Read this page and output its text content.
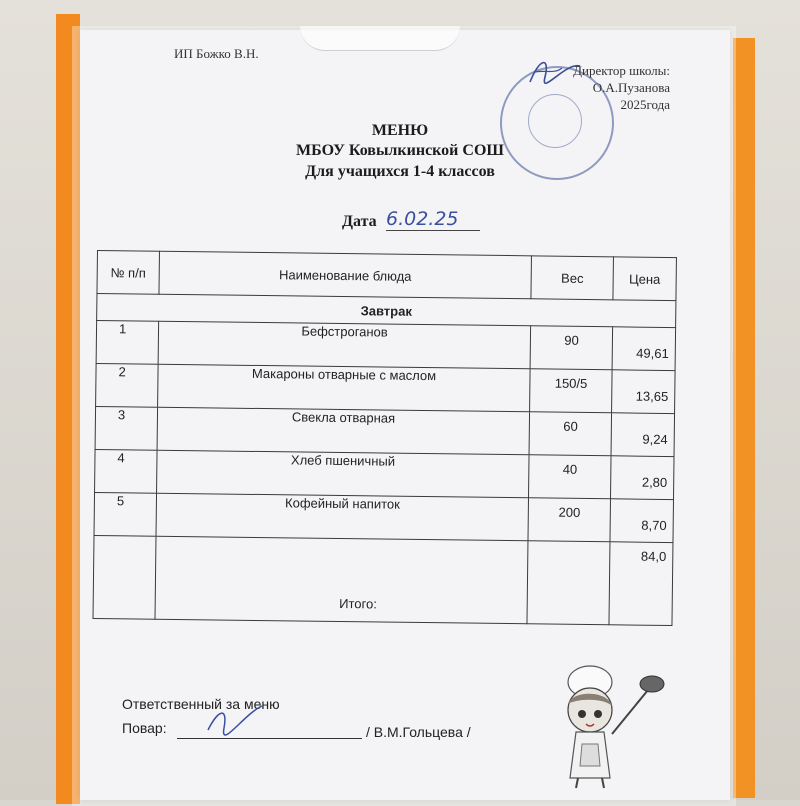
ИП Божко В.Н.
Директор школы:
О.А.Пузанова
2025года
МЕНЮ
МБОУ Ковылкинской СОШ
Для учащихся 1-4 классов
Дата 6.02.25
№ п/п	Наименование блюда	Вес	Цена
Завтрак			
1	Бефстроганов	90	49,61
2	Макароны отварные с маслом	150/5	13,65
3	Свекла отварная	60	9,24
4	Хлеб пшеничный	40	2,80
5	Кофейный напиток	200	8,70
	Итого:		84,0
Ответственный за меню
Повар:	/ В.М.Гольцева /
